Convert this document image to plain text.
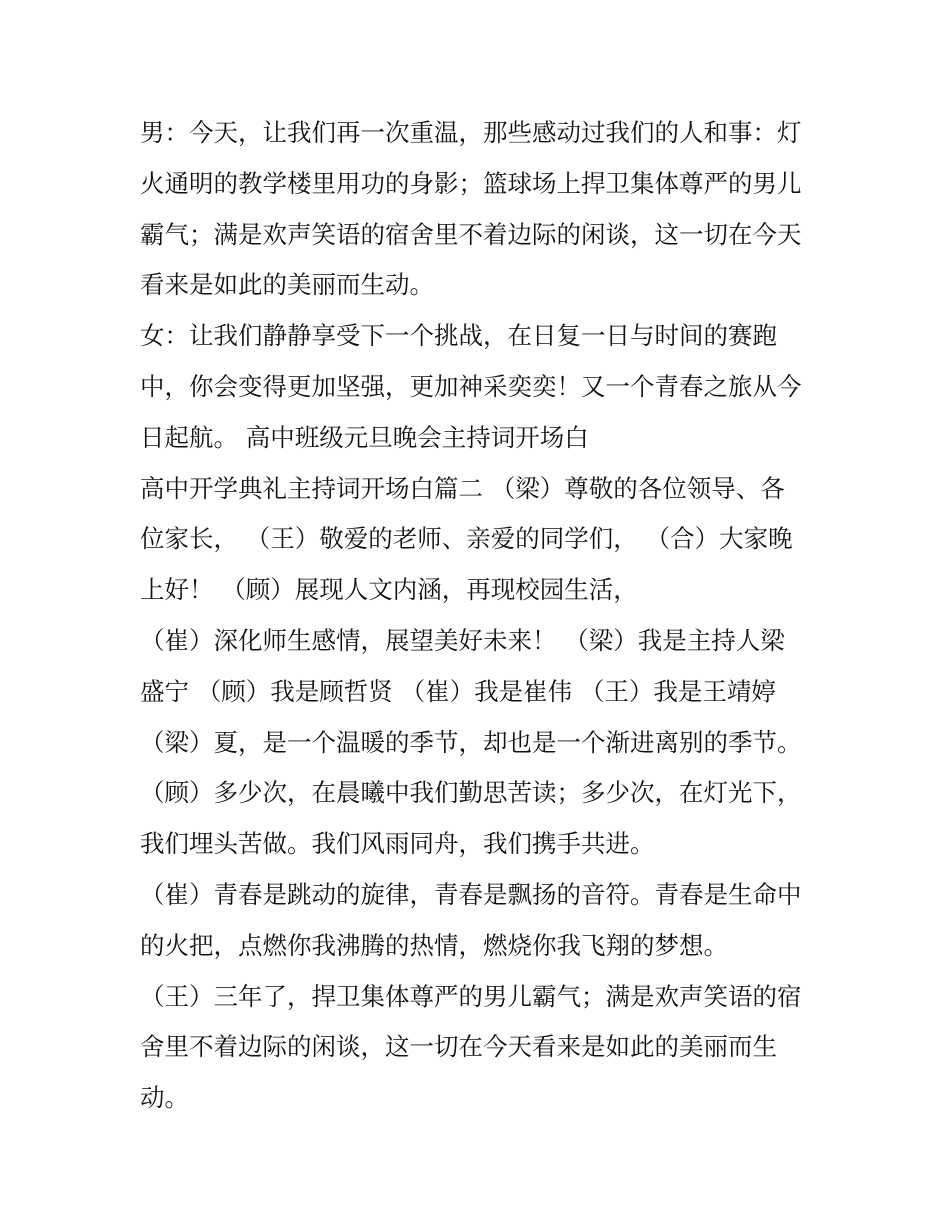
男：今天，让我们再一次重温，那些感动过我们的人和事：灯
火通明的教学楼里用功的身影；篮球场上捍卫集体尊严的男儿
霸气；满是欢声笑语的宿舍里不着边际的闲谈，这一切在今天
看来是如此的美丽而生动。
女：让我们静静享受下一个挑战，在日复一日与时间的赛跑
中，你会变得更加坚强，更加神采奕奕！又一个青春之旅从今
日起航。 高中班级元旦晚会主持词开场白
高中开学典礼主持词开场白篇二 （梁）尊敬的各位领导、各
位家长， （王）敬爱的老师、亲爱的同学们， （合）大家晚
上好！ （顾）展现人文内涵，再现校园生活，
（崔）深化师生感情，展望美好未来！ （梁）我是主持人梁
盛宁 （顾）我是顾哲贤 （崔）我是崔伟 （王）我是王靖婷
（梁）夏，是一个温暖的季节，却也是一个渐进离别的季节。
（顾）多少次，在晨曦中我们勤思苦读；多少次，在灯光下，
我们埋头苦做。我们风雨同舟，我们携手共进。
（崔）青春是跳动的旋律，青春是飘扬的音符。青春是生命中
的火把，点燃你我沸腾的热情，燃烧你我飞翔的梦想。
（王）三年了，捍卫集体尊严的男儿霸气；满是欢声笑语的宿
舍里不着边际的闲谈，这一切在今天看来是如此的美丽而生
动。
